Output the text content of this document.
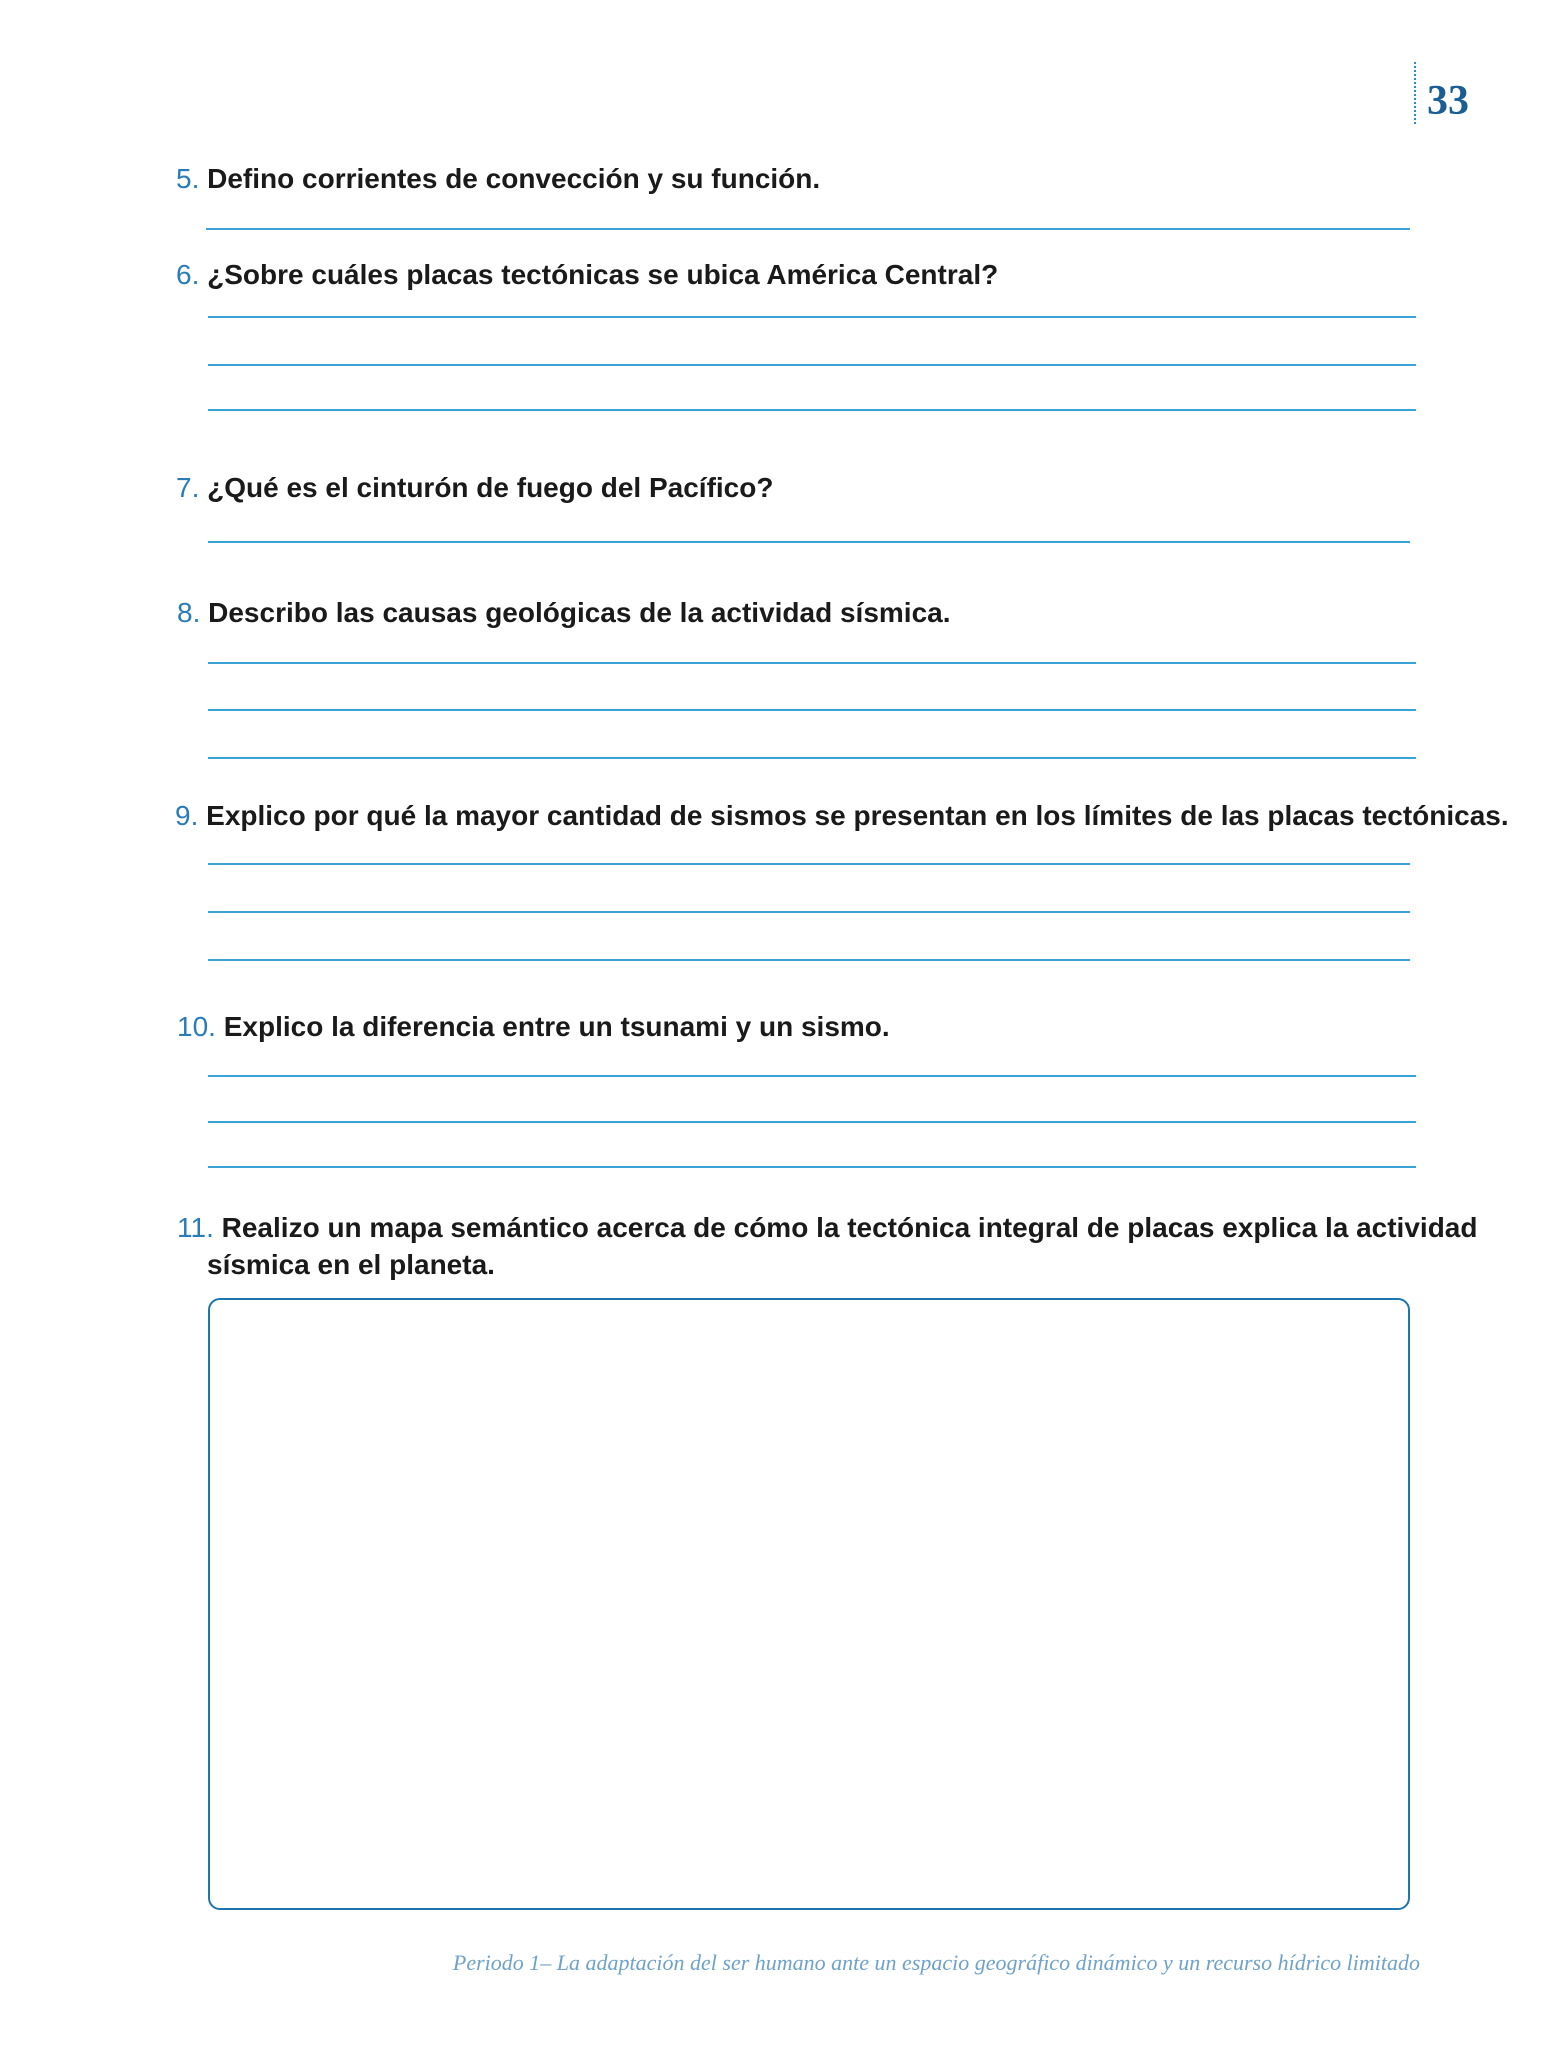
33
5. Defino corrientes de convección y su función.
6. ¿Sobre cuáles placas tectónicas se ubica América Central?
7. ¿Qué es el cinturón de fuego del Pacífico?
8. Describo las causas geológicas de la actividad sísmica.
9. Explico por qué la mayor cantidad de sismos se presentan en los límites de las placas tectónicas.
10. Explico la diferencia entre un tsunami y un sismo.
11. Realizo un mapa semántico acerca de cómo la tectónica integral de placas explica la actividad
sísmica en el planeta.
Periodo 1– La adaptación del ser humano ante un espacio geográfico dinámico y un recurso hídrico limitado
